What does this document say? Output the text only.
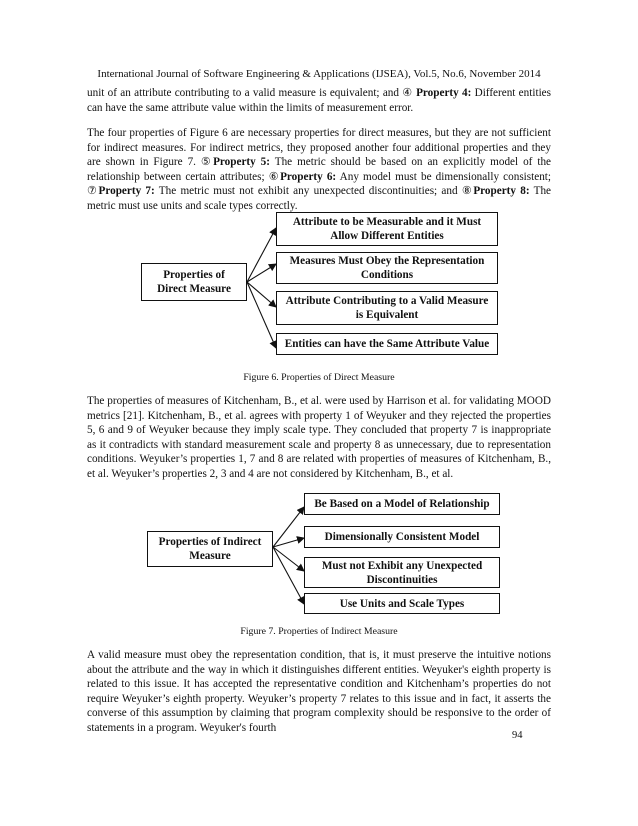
International Journal of Software Engineering & Applications (IJSEA), Vol.5, No.6, November 2014

unit of an attribute contributing to a valid measure is equivalent; and ④ Property 4: Different entities can have the same attribute value within the limits of measurement error.

The four properties of Figure 6 are necessary properties for direct measures, but they are not sufficient for indirect measures. For indirect metrics, they proposed another four additional properties and they are shown in Figure 7. ⑤Property 5: The metric should be based on an explicitly model of the relationship between certain attributes; ⑥Property 6: Any model must be dimensionally consistent; ⑦Property 7: The metric must not exhibit any unexpected discontinuities; and ⑧Property 8: The metric must use units and scale types correctly.

Properties of Direct Measure
Attribute to be Measurable and it Must Allow Different Entities
Measures Must Obey the Representation Conditions
Attribute Contributing to a Valid Measure is Equivalent
Entities can have the Same Attribute Value
Figure 6. Properties of Direct Measure

The properties of measures of Kitchenham, B., et al. were used by Harrison et al. for validating MOOD metrics [21]. Kitchenham, B., et al. agrees with property 1 of Weyuker and they rejected the properties 5, 6 and 9 of Weyuker because they imply scale type. They concluded that property 7 is inappropriate as it contradicts with standard measurement scale and property 8 as unnecessary, due to representation conditions. Weyuker’s properties 1, 7 and 8 are related with properties of measures of Kitchenham, B., et al. Weyuker’s properties 2, 3 and 4 are not considered by Kitchenham, B., et al.

Properties of Indirect Measure
Be Based on a Model of Relationship
Dimensionally Consistent Model
Must not Exhibit any Unexpected Discontinuities
Use Units and Scale Types
Figure 7. Properties of Indirect Measure

A valid measure must obey the representation condition, that is, it must preserve the intuitive notions about the attribute and the way in which it distinguishes different entities. Weyuker's eighth property is related to this issue. It has accepted the representative condition and Kitchenham’s properties do not require Weyuker’s eighth property. Weyuker’s property 7 relates to this issue and in fact, it asserts the converse of this assumption by claiming that program complexity should be responsive to the order of statements in a program. Weyuker's fourth

94
